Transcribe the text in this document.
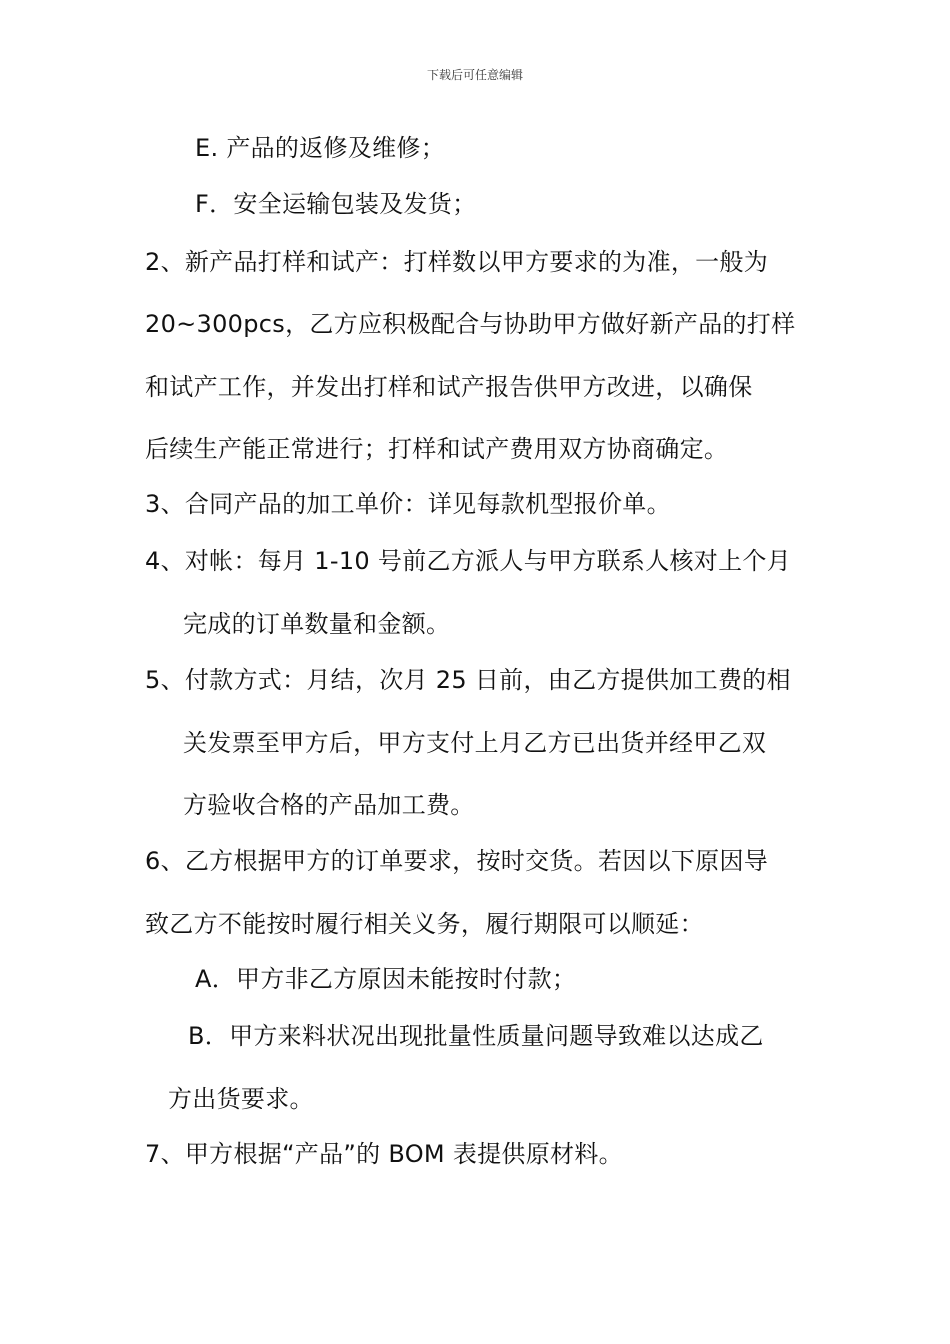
下载后可任意编辑
E. 产品的返修及维修；
F．安全运输包装及发货；
2、新产品打样和试产：打样数以甲方要求的为准，一般为
20~300pcs，乙方应积极配合与协助甲方做好新产品的打样
和试产工作，并发出打样和试产报告供甲方改进，以确保
后续生产能正常进行；打样和试产费用双方协商确定。
3、合同产品的加工单价：详见每款机型报价单。
4、对帐：每月 1-10 号前乙方派人与甲方联系人核对上个月
完成的订单数量和金额。
5、付款方式：月结，次月 25 日前，由乙方提供加工费的相
关发票至甲方后，甲方支付上月乙方已出货并经甲乙双
方验收合格的产品加工费。
6、乙方根据甲方的订单要求，按时交货。若因以下原因导
致乙方不能按时履行相关义务，履行期限可以顺延：
A．甲方非乙方原因未能按时付款；
B．甲方来料状况出现批量性质量问题导致难以达成乙
方出货要求。
7、甲方根据“产品”的 BOM 表提供原材料。
